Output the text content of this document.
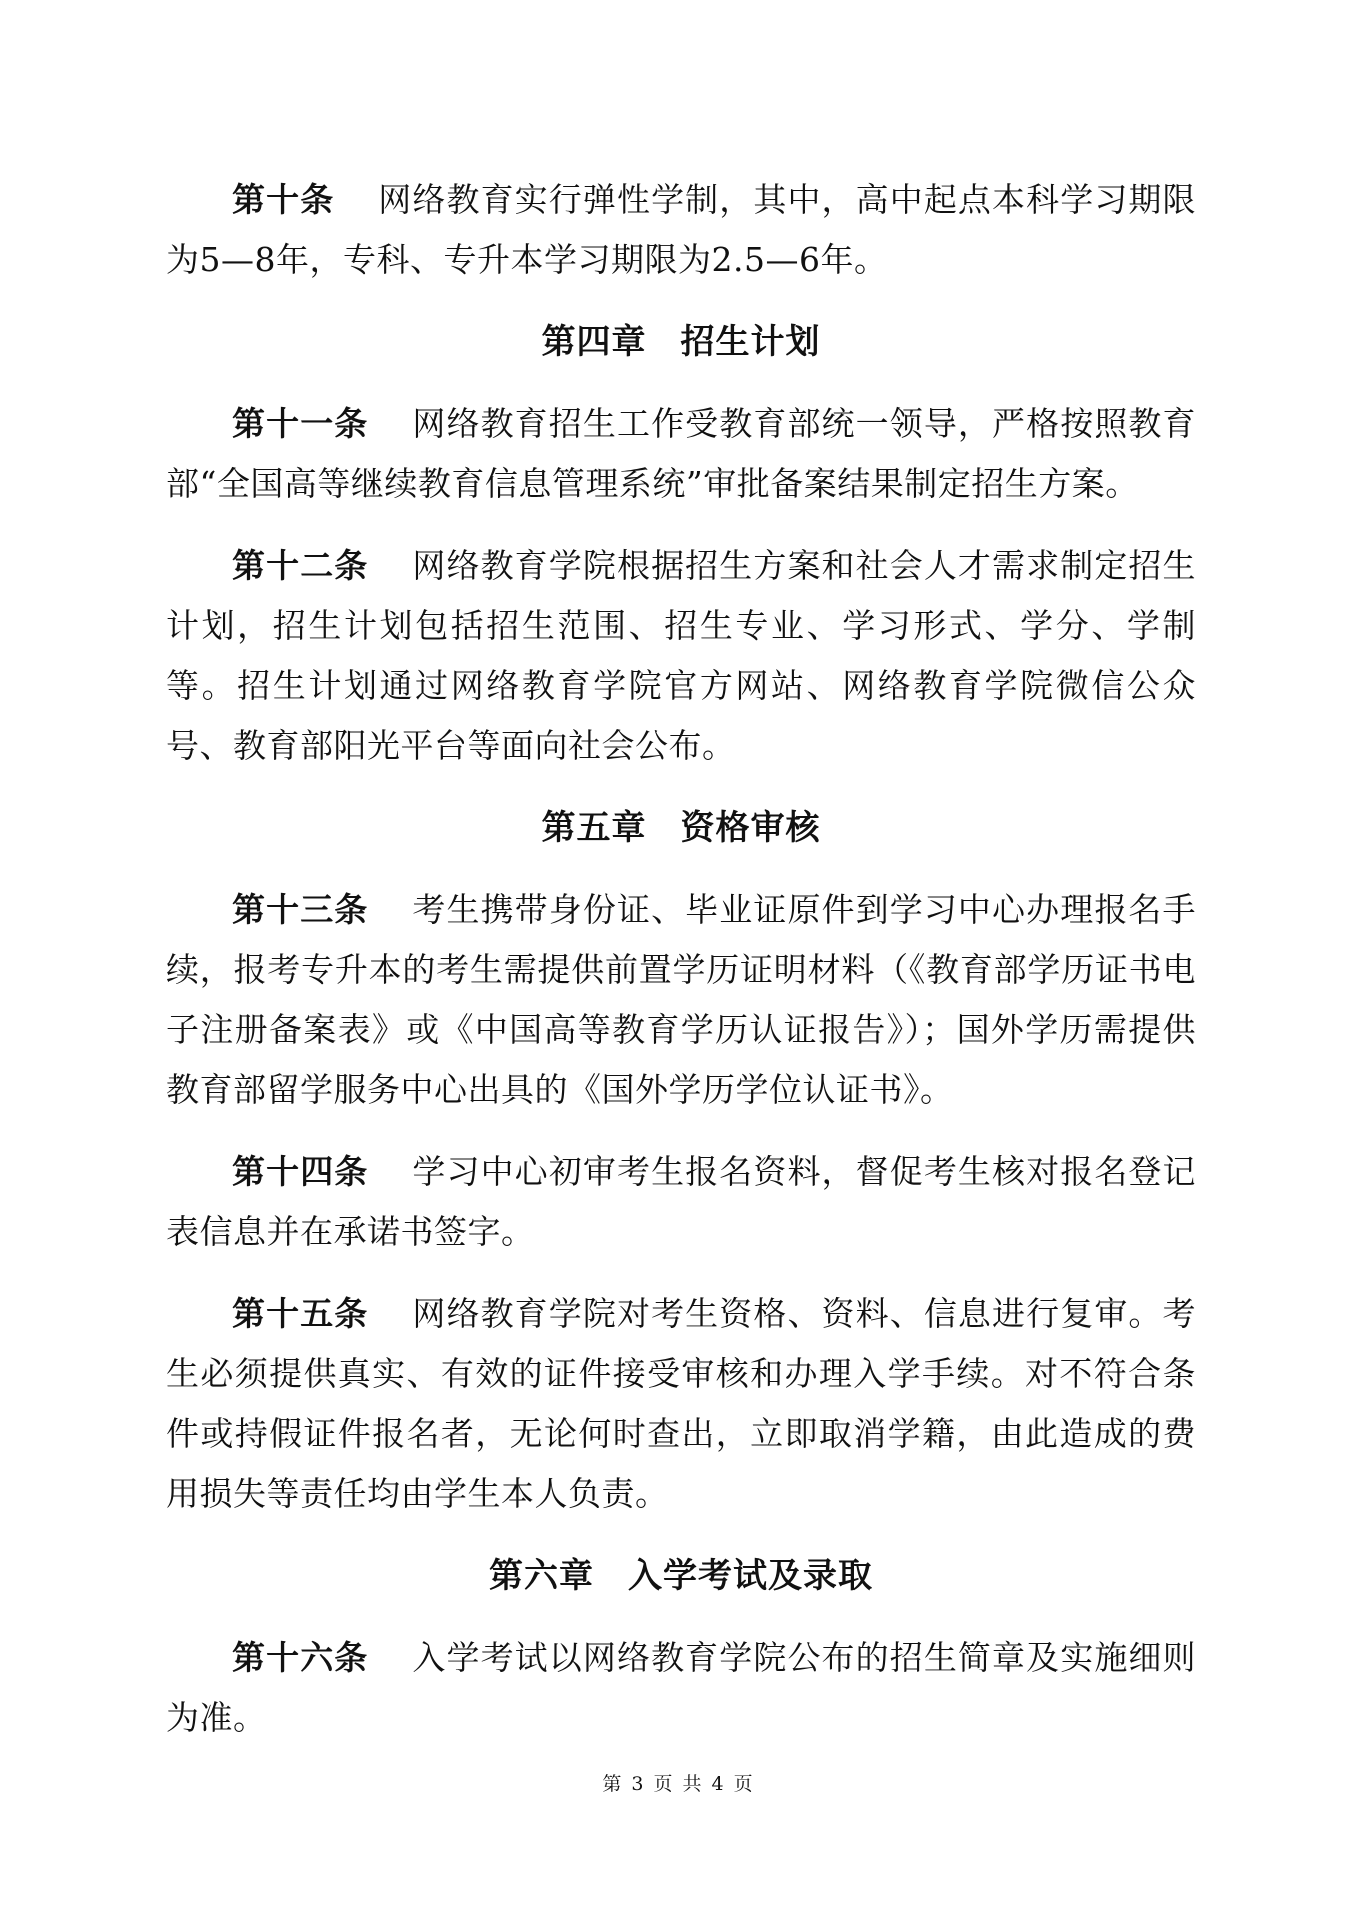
第十条 网络教育实行弹性学制，其中，高中起点本科学习期限为5—8年，专科、专升本学习期限为2.5—6年。

第四章 招生计划

第十一条 网络教育招生工作受教育部统一领导，严格按照教育部“全国高等继续教育信息管理系统”审批备案结果制定招生方案。

第十二条 网络教育学院根据招生方案和社会人才需求制定招生计划，招生计划包括招生范围、招生专业、学习形式、学分、学制等。招生计划通过网络教育学院官方网站、网络教育学院微信公众号、教育部阳光平台等面向社会公布。

第五章 资格审核

第十三条 考生携带身份证、毕业证原件到学习中心办理报名手续，报考专升本的考生需提供前置学历证明材料（《教育部学历证书电子注册备案表》或《中国高等教育学历认证报告》）；国外学历需提供教育部留学服务中心出具的《国外学历学位认证书》。

第十四条 学习中心初审考生报名资料，督促考生核对报名登记表信息并在承诺书签字。

第十五条 网络教育学院对考生资格、资料、信息进行复审。考生必须提供真实、有效的证件接受审核和办理入学手续。对不符合条件或持假证件报名者，无论何时查出，立即取消学籍，由此造成的费用损失等责任均由学生本人负责。

第六章 入学考试及录取

第十六条 入学考试以网络教育学院公布的招生简章及实施细则为准。

第 3 页 共 4 页
